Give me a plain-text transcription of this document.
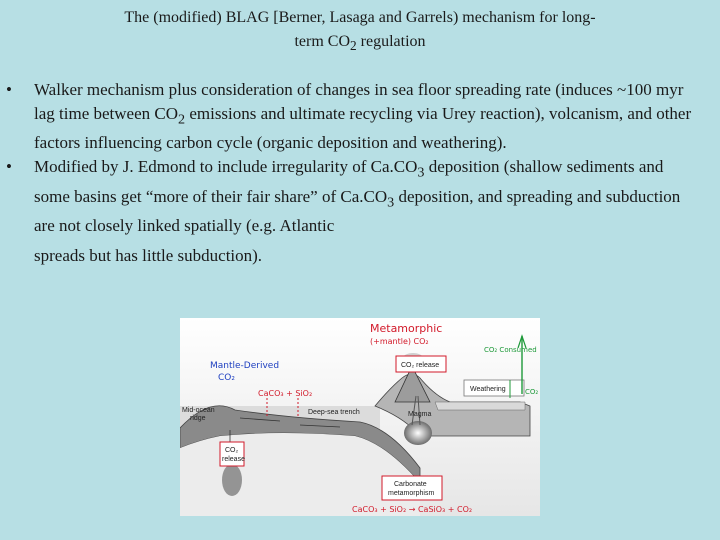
The (modified) BLAG [Berner, Lasaga and Garrels) mechanism for long-
term $CO_2$ regulation
•	Walker mechanism plus consideration of changes in sea floor spreading rate (induces ~100 myr lag time between $CO_2$ emissions and ultimate recycling via Urey reaction), volcanism, and other factors influencing carbon cycle (organic deposition and weathering).
•	Modified by J. Edmond to include irregularity of $Ca.CO_3$ deposition (shallow sediments and some basins get “more of their fair share” of $Ca.CO_3$ deposition, and spreading and subduction are not closely linked spatially (e.g. Atlantic
spreads but has little subduction).
Mid-ocean
ridge
Deep-sea trench	Magma
CO₂ release
Weathering
CO₂
release
Carbonate
metamorphism
Metamorphic
(+mantle) CO₂
Mantle-Derived
CO₂
CaCO₃ + SiO₂
CO₂ Consumed
CO₂
CaCO₃ + SiO₂ → CaSiO₃ + CO₂
